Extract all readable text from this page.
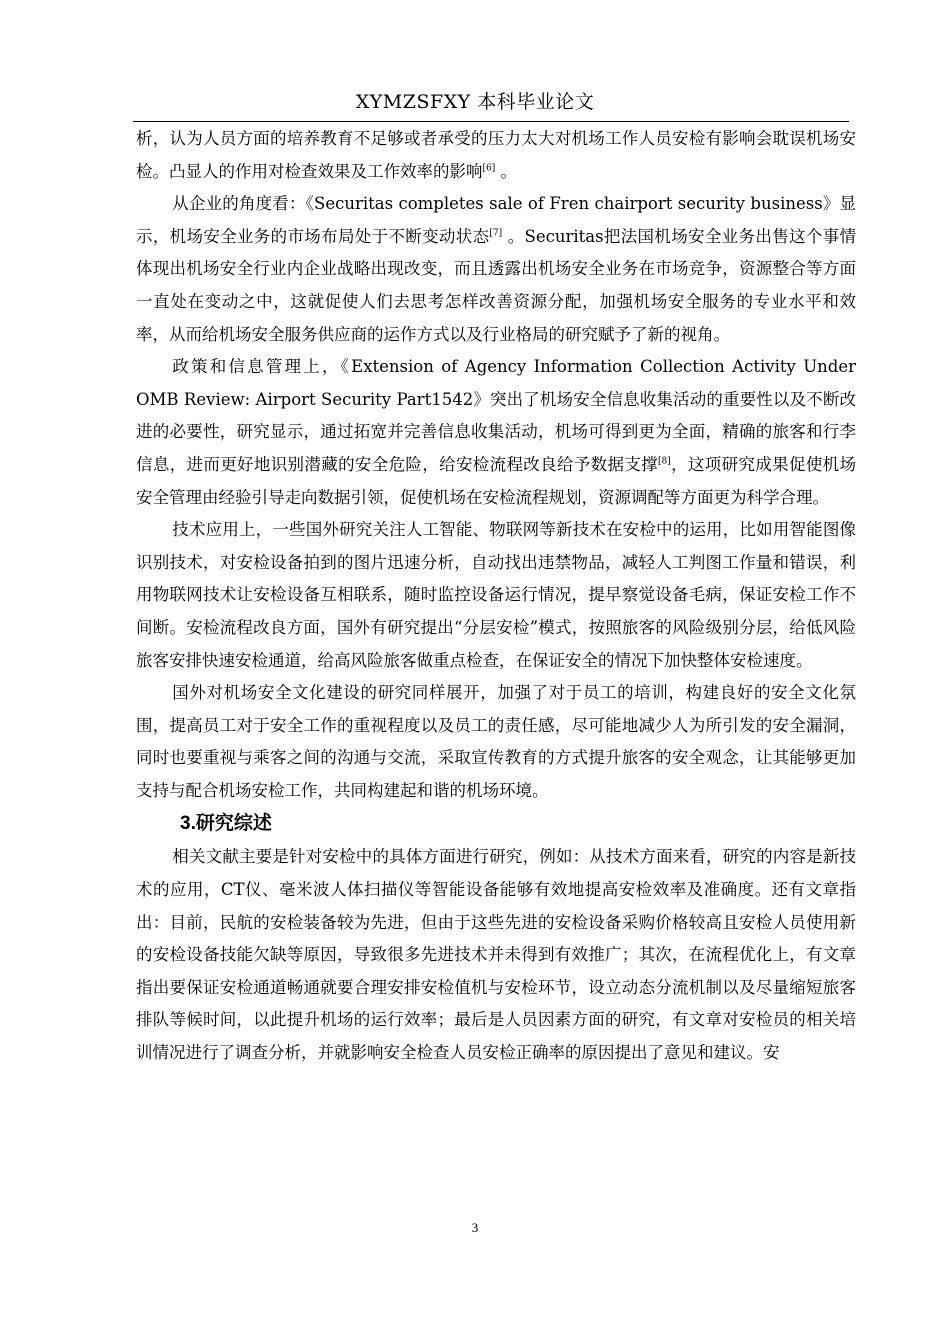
XYMZSFXY 本科毕业论文

析，认为人员方面的培养教育不足够或者承受的压力太大对机场工作人员安检有影响会耽误机场安检。凸显人的作用对检查效果及工作效率的影响[6] 。

从企业的角度看：《Securitas completes sale of Fren chairport security business》显示，机场安全业务的市场布局处于不断变动状态[7] 。Securitas把法国机场安全业务出售这个事情体现出机场安全行业内企业战略出现改变，而且透露出机场安全业务在市场竞争，资源整合等方面一直处在变动之中，这就促使人们去思考怎样改善资源分配，加强机场安全服务的专业水平和效率，从而给机场安全服务供应商的运作方式以及行业格局的研究赋予了新的视角。

政策和信息管理上，《Extension of Agency Information Collection Activity Under OMB Review: Airport Security Part1542》突出了机场安全信息收集活动的重要性以及不断改进的必要性，研究显示，通过拓宽并完善信息收集活动，机场可得到更为全面，精确的旅客和行李信息，进而更好地识别潜藏的安全危险，给安检流程改良给予数据支撑[8]，这项研究成果促使机场安全管理由经验引导走向数据引领，促使机场在安检流程规划，资源调配等方面更为科学合理。

技术应用上，一些国外研究关注人工智能、物联网等新技术在安检中的运用，比如用智能图像识别技术，对安检设备拍到的图片迅速分析，自动找出违禁物品，减轻人工判图工作量和错误，利用物联网技术让安检设备互相联系，随时监控设备运行情况，提早察觉设备毛病，保证安检工作不间断。安检流程改良方面，国外有研究提出“分层安检”模式，按照旅客的风险级别分层，给低风险旅客安排快速安检通道，给高风险旅客做重点检查，在保证安全的情况下加快整体安检速度。

国外对机场安全文化建设的研究同样展开，加强了对于员工的培训，构建良好的安全文化氛围，提高员工对于安全工作的重视程度以及员工的责任感，尽可能地减少人为所引发的安全漏洞，同时也要重视与乘客之间的沟通与交流，采取宣传教育的方式提升旅客的安全观念，让其能够更加支持与配合机场安检工作，共同构建起和谐的机场环境。

3.研究综述

相关文献主要是针对安检中的具体方面进行研究，例如：从技术方面来看，研究的内容是新技术的应用，CT仪、毫米波人体扫描仪等智能设备能够有效地提高安检效率及准确度。还有文章指出：目前，民航的安检装备较为先进，但由于这些先进的安检设备采购价格较高且安检人员使用新的安检设备技能欠缺等原因，导致很多先进技术并未得到有效推广；其次，在流程优化上，有文章指出要保证安检通道畅通就要合理安排安检值机与安检环节，设立动态分流机制以及尽量缩短旅客排队等候时间，以此提升机场的运行效率；最后是人员因素方面的研究，有文章对安检员的相关培训情况进行了调查分析，并就影响安全检查人员安检正确率的原因提出了意见和建议。安

3
